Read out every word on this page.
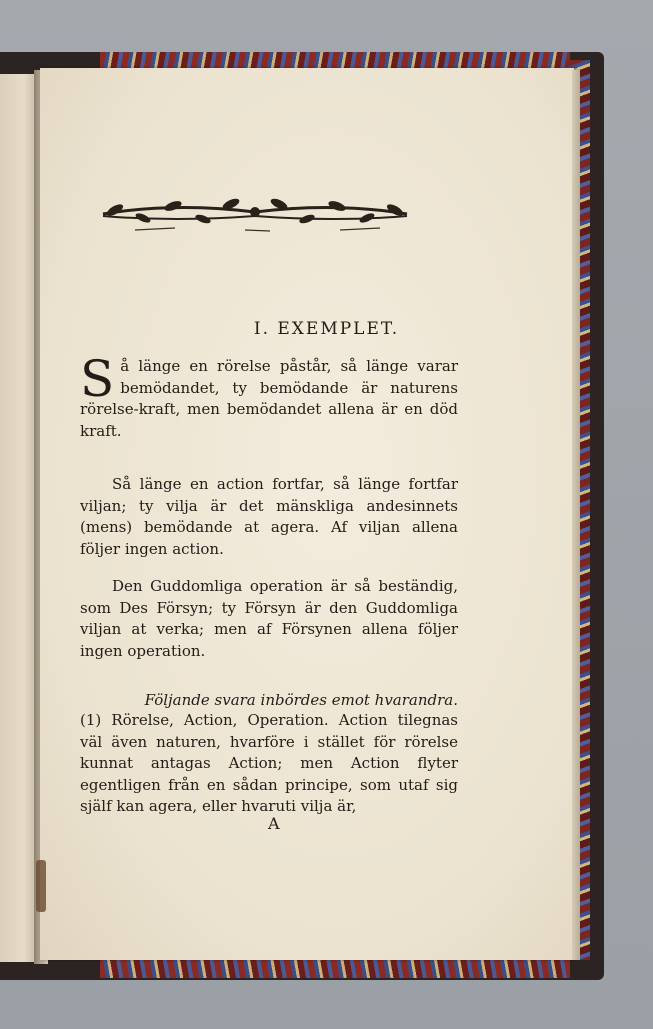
I. EXEMPLET.

Så länge en rörelse påstår, så länge varar bemödandet, ty bemödande är naturens rörelse-kraft, men bemödandet allena är en död kraft.

Så länge en action fortfar, så länge fortfar viljan; ty vilja är det mänskliga andesinnets (mens) bemödande at agera. Af viljan allena följer ingen action.

Den Guddomliga operation är så beständig, som Des Försyn; ty Försyn är den Guddomliga viljan at verka; men af Försynen allena följer ingen operation.

Följande svara inbördes emot hvarandra.

(1) Rörelse, Action, Operation. Action tilegnas väl även naturen, hvarföre i stället för rörelse kunnat antagas Action; men Action flyter egentligen från en sådan principe, som utaf sig själf kan agera, eller hvaruti vilja är,

A
